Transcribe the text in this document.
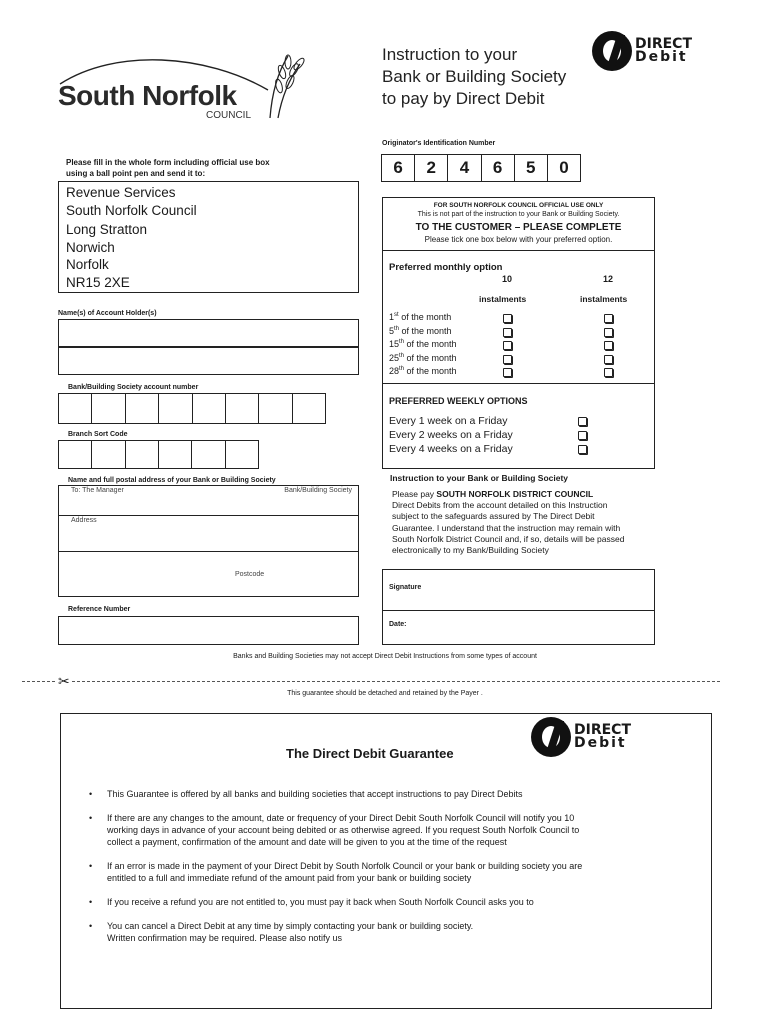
South Norfolk
COUNCIL
Instruction to your
Bank or Building Society
to pay by Direct Debit
DIRECT
Debit
Originator's Identification Number
6	2	4	6	5	0
Please fill in the whole form including official use box
using a ball point pen and send it to:
Revenue Services
South Norfolk Council
Long Stratton
Norwich
Norfolk
NR15 2XE
Name(s) of Account Holder(s)
Bank/Building Society account number
Branch Sort Code
Name and full postal address of your Bank or Building Society
To: The Manager	Bank/Building Society
Address
Postcode
Reference Number
FOR SOUTH NORFOLK COUNCIL OFFICIAL USE ONLY
This is not part of the instruction to your Bank or Building Society.
TO THE CUSTOMER – PLEASE COMPLETE
Please tick one box below with your preferred option.
Preferred monthly option
10	12
instalments	instalments
1st of the month
5th of the month
15th of the month
25th of the month
28th of the month
PREFERRED WEEKLY OPTIONS
Every 1 week on a Friday
Every 2 weeks on a Friday
Every 4 weeks on a Friday
Instruction to your Bank or Building Society
Please pay SOUTH NORFOLK DISTRICT COUNCIL
Direct Debits from the account detailed on this Instruction
subject to the safeguards assured by The Direct Debit
Guarantee. I understand that the instruction may remain with
South Norfolk District Council and, if so, details will be passed
electronically to my Bank/Building Society
Signature
Date:
Banks and Building Societies may not accept Direct Debit Instructions from some types of account
✂
This guarantee should be detached and retained by the Payer .
The Direct Debit Guarantee
DIRECT
Debit
• This Guarantee is offered by all banks and building societies that accept instructions to pay Direct Debits
• If there are any changes to the amount, date or frequency of your Direct Debit South Norfolk Council will notify you 10
working days in advance of your account being debited or as otherwise agreed. If you request South Norfolk Council to
collect a payment, confirmation of the amount and date will be given to you at the time of the request
• If an error is made in the payment of your Direct Debit by South Norfolk Council or your bank or building society you are
entitled to a full and immediate refund of the amount paid from your bank or building society
• If you receive a refund you are not entitled to, you must pay it back when South Norfolk Council asks you to
• You can cancel a Direct Debit at any time by simply contacting your bank or building society.
Written confirmation may be required. Please also notify us
